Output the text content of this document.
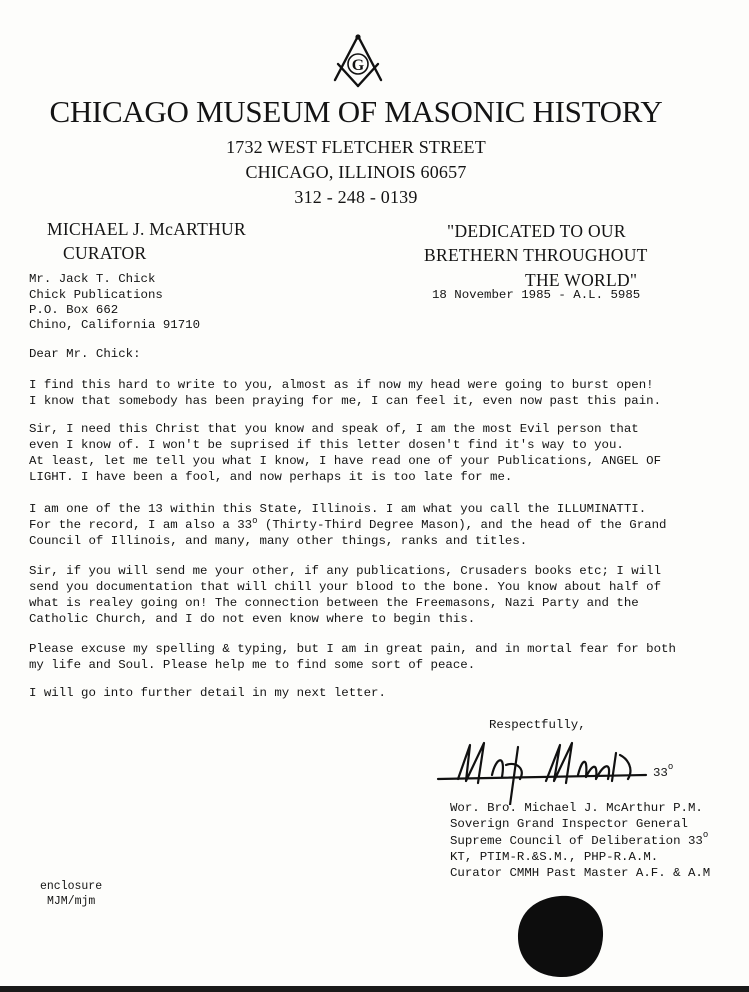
G
CHICAGO MUSEUM OF MASONIC HISTORY
1732 WEST FLETCHER STREET
CHICAGO, ILLINOIS 60657
312 - 248 - 0139
MICHAEL J. McARTHUR
CURATOR
"DEDICATED TO OUR
BRETHERN THROUGHOUT
THE WORLD"
Mr. Jack T. Chick
Chick Publications
P.O. Box 662
Chino, California 91710
18 November 1985 - A.L. 5985
Dear Mr. Chick:
I find this hard to write to you, almost as if now my head were going to burst open!
I know that somebody has been praying for me, I can feel it, even now past this pain.
Sir, I need this Christ that you know and speak of, I am the most Evil person that
even I know of. I won't be suprised if this letter dosen't find it's way to you.
At least, let me tell you what I know, I have read one of your Publications, ANGEL OF
LIGHT. I have been a fool, and now perhaps it is too late for me.
I am one of the 13 within this State, Illinois. I am what you call the ILLUMINATTI.
For the record, I am also a 33$^o$ (Thirty-Third Degree Mason), and the head of the Grand
Council of Illinois, and many, many other things, ranks and titles.
Sir, if you will send me your other, if any publications, Crusaders books etc; I will
send you documentation that will chill your blood to the bone. You know about half of
what is realey going on! The connection between the Freemasons, Nazi Party and the
Catholic Church, and I do not even know where to begin this.
Please excuse my spelling & typing, but I am in great pain, and in mortal fear for both
my life and Soul. Please help me to find some sort of peace.
I will go into further detail in my next letter.
Respectfully,
33$^o$
Wor. Bro. Michael J. McArthur P.M.
Soverign Grand Inspector General
Supreme Council of Deliberation 33$^o$
KT, PTIM-R.&S.M., PHP-R.A.M.
Curator CMMH Past Master A.F. & A.M
enclosure
MJM/mjm
